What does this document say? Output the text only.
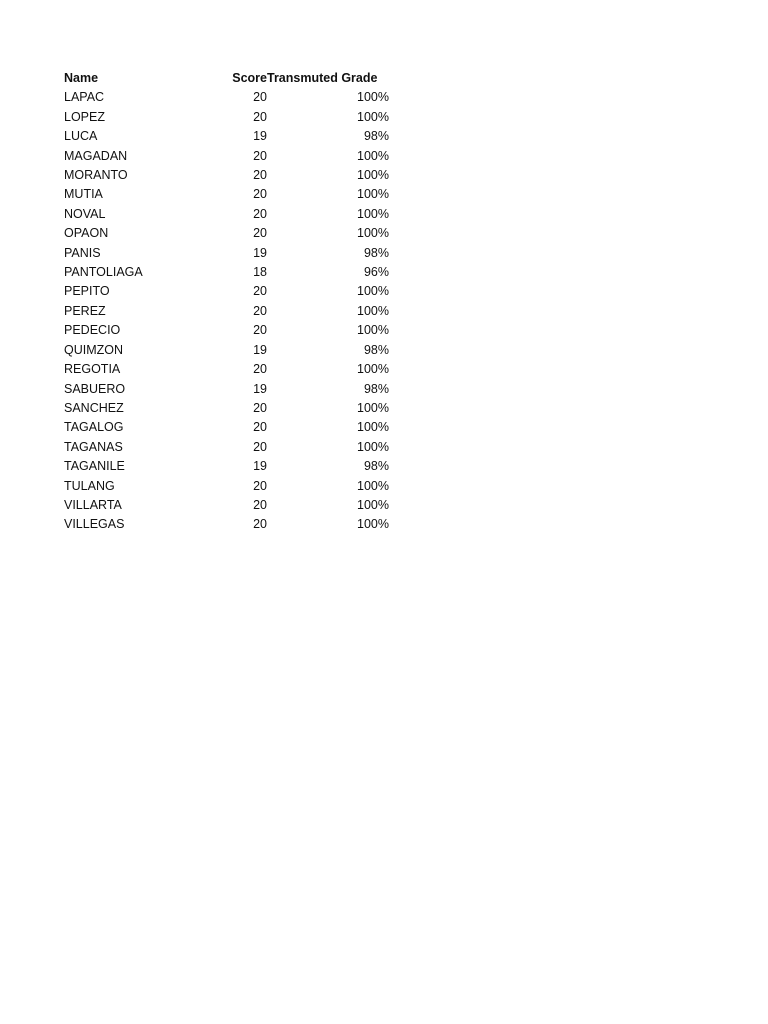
Name	Score	Transmuted Grade
LAPAC	20	100%
LOPEZ	20	100%
LUCA	19	98%
MAGADAN	20	100%
MORANTO	20	100%
MUTIA	20	100%
NOVAL	20	100%
OPAON	20	100%
PANIS	19	98%
PANTOLIAGA	18	96%
PEPITO	20	100%
PEREZ	20	100%
PEDECIO	20	100%
QUIMZON	19	98%
REGOTIA	20	100%
SABUERO	19	98%
SANCHEZ	20	100%
TAGALOG	20	100%
TAGANAS	20	100%
TAGANILE	19	98%
TULANG	20	100%
VILLARTA	20	100%
VILLEGAS	20	100%
